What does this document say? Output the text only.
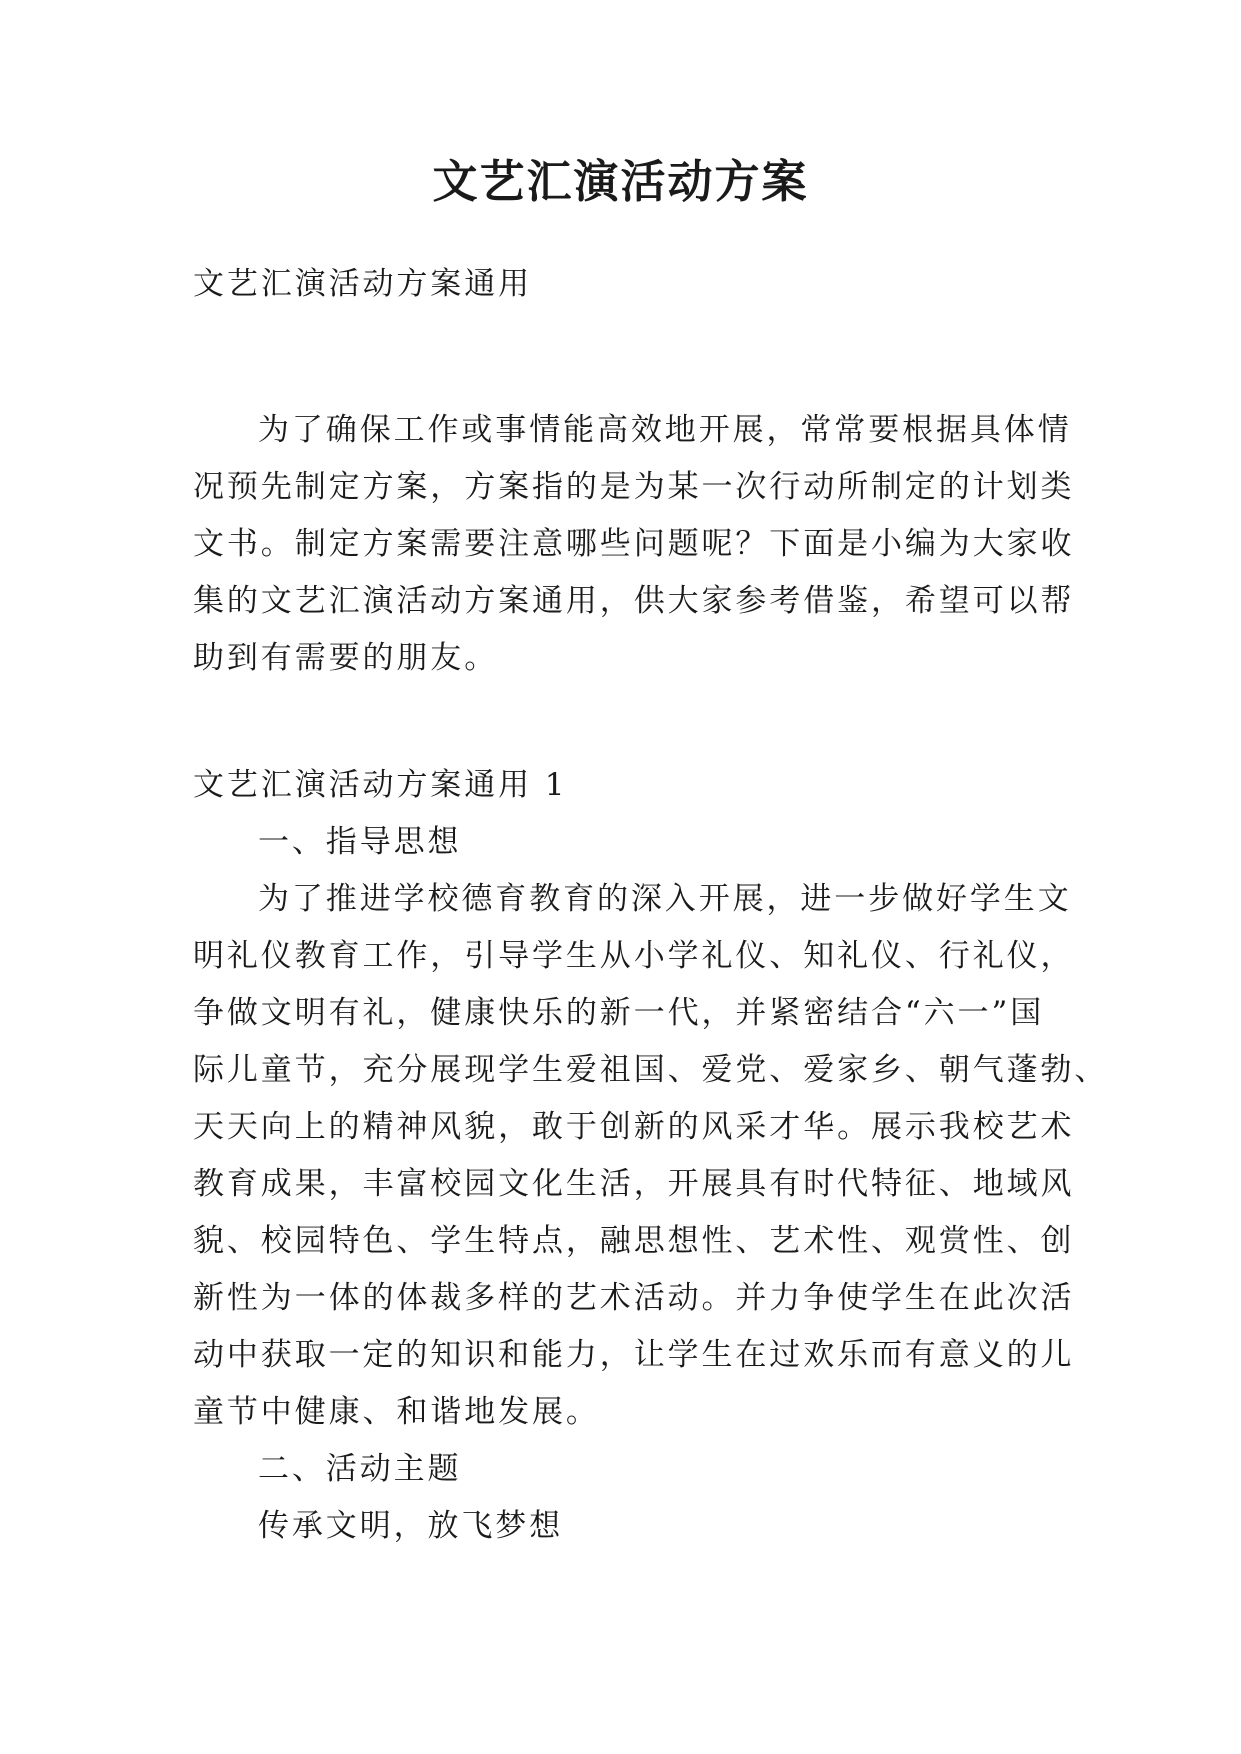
文艺汇演活动方案
文艺汇演活动方案通用
为了确保工作或事情能高效地开展，常常要根据具体情
况预先制定方案，方案指的是为某一次行动所制定的计划类
文书。制定方案需要注意哪些问题呢？下面是小编为大家收
集的文艺汇演活动方案通用，供大家参考借鉴，希望可以帮
助到有需要的朋友。
文艺汇演活动方案通用 1
一、指导思想
为了推进学校德育教育的深入开展，进一步做好学生文
明礼仪教育工作，引导学生从小学礼仪、知礼仪、行礼仪，
争做文明有礼，健康快乐的新一代，并紧密结合“六一”国
际儿童节，充分展现学生爱祖国、爱党、爱家乡、朝气蓬勃、
天天向上的精神风貌，敢于创新的风采才华。展示我校艺术
教育成果，丰富校园文化生活，开展具有时代特征、地域风
貌、校园特色、学生特点，融思想性、艺术性、观赏性、创
新性为一体的体裁多样的艺术活动。并力争使学生在此次活
动中获取一定的知识和能力，让学生在过欢乐而有意义的儿
童节中健康、和谐地发展。
二、活动主题
传承文明，放飞梦想
